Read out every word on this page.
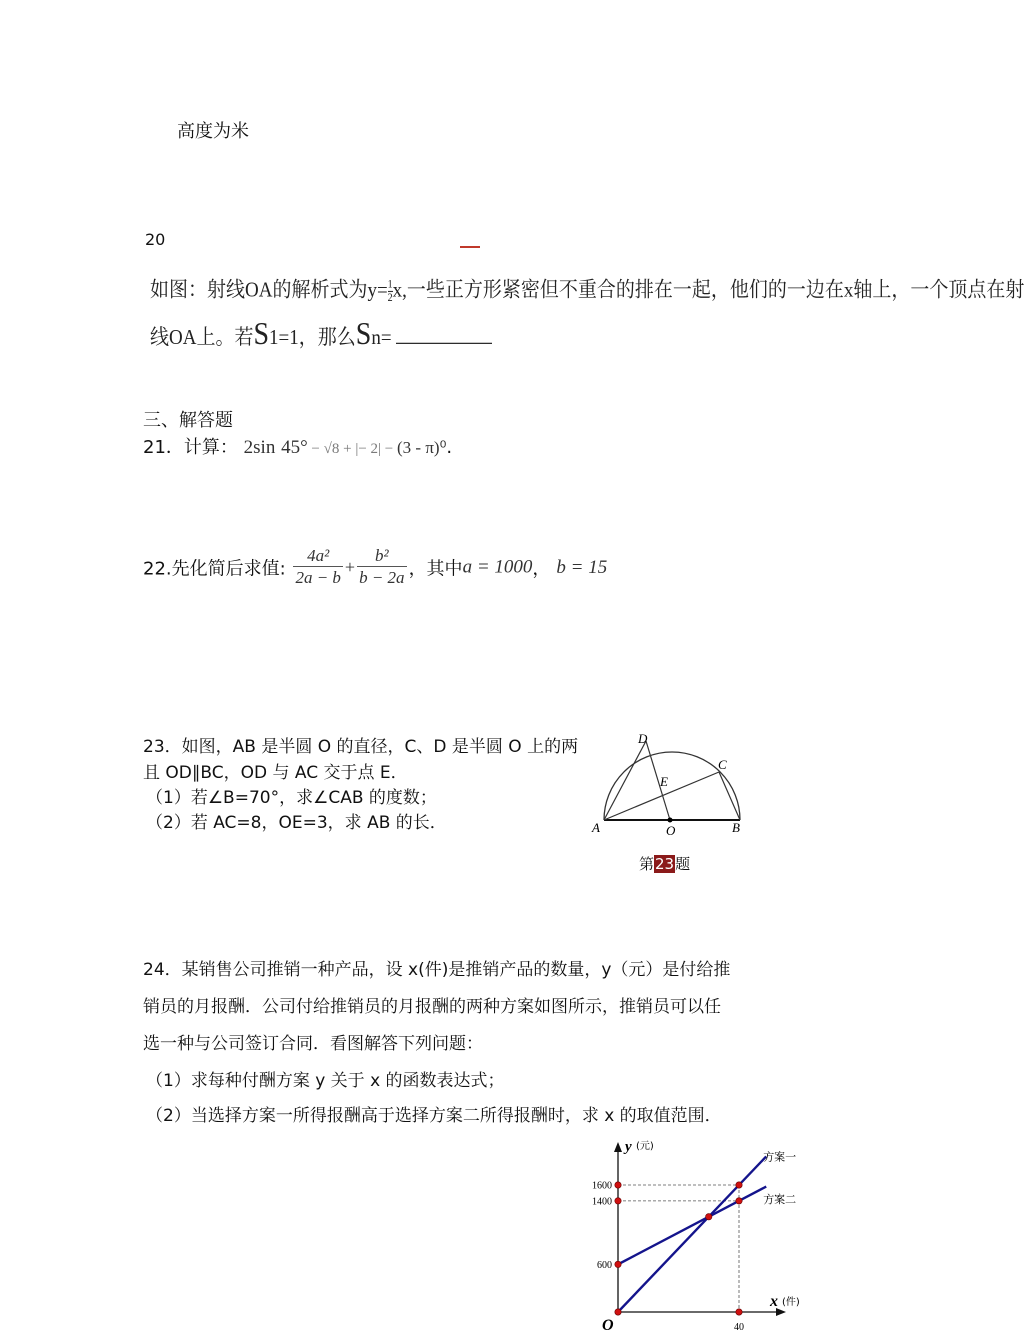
高度为米
20
如图：射线OA的解析式为$y= \frac{1}{2}x$,一些正方形紧密但不重合的排在一起，他们的一边在x轴上，一个顶点在射
线OA上。若S1=1，那么Sn=
三、解答题
21．计算： 2sin 45° − √8 + |− 2| − (3 - π)⁰.
22.先化简后求值: $\frac{\text{4a²}}{2a - b} + \frac{\text{b²}}{b - 2a}$ ，其中a = 1000， b = 15
23．如图，AB 是半圆 O 的直径，C、D 是半圆 O 上的两
且 OD∥BC，OD 与 AC 交于点 E．
（1）若∠B=70°，求∠CAB 的度数；
（2）若 AC=8，OE=3，求 AB 的长．	A	B
C
D
E
O
第23题
24．某销售公司推销一种产品，设 x(件)是推销产品的数量，y（元）是付给推
销员的月报酬．公司付给推销员的月报酬的两种方案如图所示，推销员可以任
选一种与公司签订合同．看图解答下列问题：
（1）求每种付酬方案 y 关于 x 的函数表达式；
（2）当选择方案一所得报酬高于选择方案二所得报酬时，求 x 的取值范围．
y (元)
x (件)
O
方案一
方案二
1600
1400
600
40
